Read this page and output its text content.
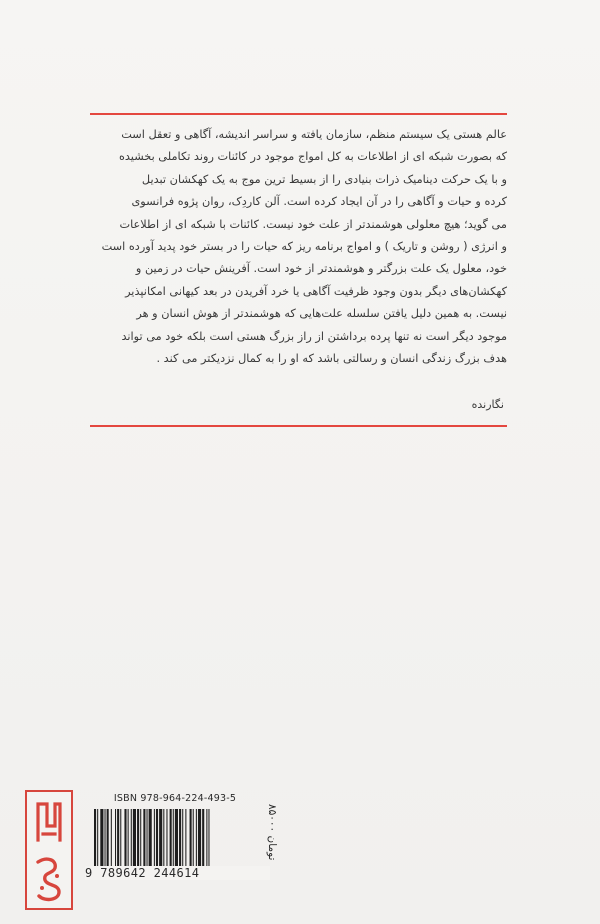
عالم هستی یک سیستم منظم، سازمان یافته و سراسر اندیشه، آگاهی و تعقل است
که بصورت شبکه ای از اطلاعات به کل امواج موجود در کائنات روند تکاملی بخشیده
و با یک حرکت دینامیک ذرات بنیادی را از بسیط ترین موج به یک کهکشان تبدیل
کرده و حیات و آگاهی را در آن ایجاد کرده است. آلن کاردِک، روان پژوه فرانسوی
می گوید؛ هیچ معلولی هوشمندتر از علت خود نیست. کائنات با شبکه ای از اطلاعات
و انرژی ( روشن و تاریک ) و امواج برنامه ریز که حیات را در بستر خود پدید آورده است
خود، معلول یک علت بزرگتر و هوشمندتر از خود است. آفرینش حیات در زمین و
کهکشان‌های دیگر بدون وجود ظرفیت آگاهی یا خرد آفریدن در بعد کیهانی امکانپذیر
نیست. به همین دلیل یافتن سلسله علت‌هایی که هوشمندتر از هوش انسان و هر
موجود دیگر است نه تنها پرده برداشتن از راز بزرگ هستی است بلکه خود می تواند
هدف بزرگ زندگی انسان و رسالتی باشد که او را به کمال نزدیکتر می کند .
نگارنده
ISBN 978-964-224-493-5
9 789642 244614
۸۵۰۰۰ تومان
